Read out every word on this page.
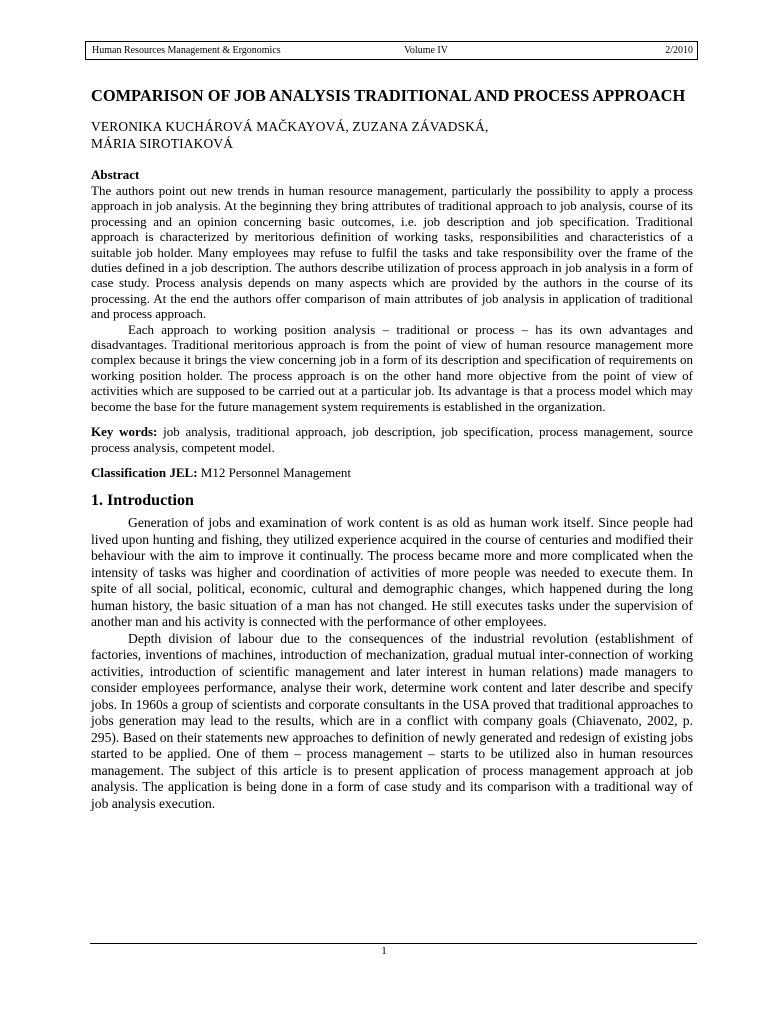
Human Resources Management & Ergonomics	Volume IV	2/2010
COMPARISON OF JOB ANALYSIS TRADITIONAL AND PROCESS APPROACH
VERONIKA KUCHÁROVÁ MAČKAYOVÁ, ZUZANA ZÁVADSKÁ,
MÁRIA SIROTIAKOVÁ

Abstract

The authors point out new trends in human resource management, particularly the possibility to apply a process approach in job analysis. At the beginning they bring attributes of traditional approach to job analysis, course of its processing and an opinion concerning basic outcomes, i.e. job description and job specification. Traditional approach is characterized by meritorious definition of working tasks, responsibilities and characteristics of a suitable job holder. Many employees may refuse to fulfil the tasks and take responsibility over the frame of the duties defined in a job description. The authors describe utilization of process approach in job analysis in a form of case study. Process analysis depends on many aspects which are provided by the authors in the course of its processing. At the end the authors offer comparison of main attributes of job analysis in application of traditional and process approach.

Each approach to working position analysis – traditional or process – has its own advantages and disadvantages. Traditional meritorious approach is from the point of view of human resource management more complex because it brings the view concerning job in a form of its description and specification of requirements on working position holder. The process approach is on the other hand more objective from the point of view of activities which are supposed to be carried out at a particular job. Its advantage is that a process model which may become the base for the future management system requirements is established in the organization.

Key words: job analysis, traditional approach, job description, job specification, process management, source process analysis, competent model.

Classification JEL: M12 Personnel Management

1. Introduction

Generation of jobs and examination of work content is as old as human work itself. Since people had lived upon hunting and fishing, they utilized experience acquired in the course of centuries and modified their behaviour with the aim to improve it continually. The process became more and more complicated when the intensity of tasks was higher and coordination of activities of more people was needed to execute them. In spite of all social, political, economic, cultural and demographic changes, which happened during the long human history, the basic situation of a man has not changed. He still executes tasks under the supervision of another man and his activity is connected with the performance of other employees.

Depth division of labour due to the consequences of the industrial revolution (establishment of factories, inventions of machines, introduction of mechanization, gradual mutual inter-connection of working activities, introduction of scientific management and later interest in human relations) made managers to consider employees performance, analyse their work, determine work content and later describe and specify jobs. In 1960s a group of scientists and corporate consultants in the USA proved that traditional approaches to jobs generation may lead to the results, which are in a conflict with company goals (Chiavenato, 2002, p. 295). Based on their statements new approaches to definition of newly generated and redesign of existing jobs started to be applied. One of them – process management – starts to be utilized also in human resources management. The subject of this article is to present application of process management approach at job analysis. The application is being done in a form of case study and its comparison with a traditional way of job analysis execution.

1
